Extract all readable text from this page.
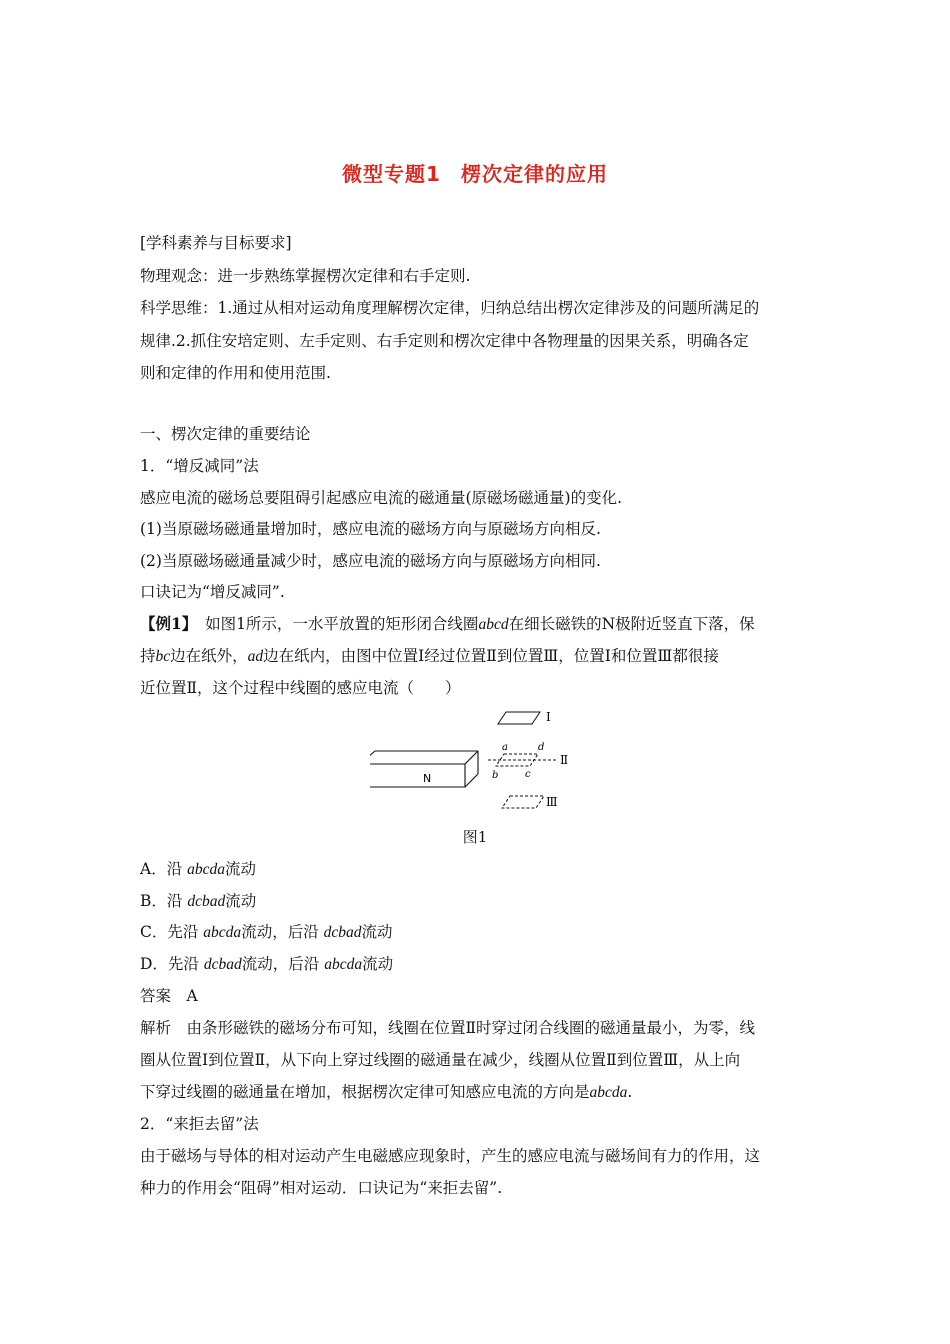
微型专题1 楞次定律的应用
[学科素养与目标要求]
物理观念：进一步熟练掌握楞次定律和右手定则.
科学思维：1.通过从相对运动角度理解楞次定律，归纳总结出楞次定律涉及的问题所满足的
规律.2.抓住安培定则、左手定则、右手定则和楞次定律中各物理量的因果关系，明确各定
则和定律的作用和使用范围.
一、楞次定律的重要结论
1．“增反减同”法
感应电流的磁场总要阻碍引起感应电流的磁通量(原磁场磁通量)的变化.
(1)当原磁场磁通量增加时，感应电流的磁场方向与原磁场方向相反.
(2)当原磁场磁通量减少时，感应电流的磁场方向与原磁场方向相同.
口诀记为“增反减同”.
【例1】　 如图1所示，一水平放置的矩形闭合线圈abcd在细长磁铁的N极附近竖直下落，保
持bc边在纸外，ad边在纸内，由图中位置Ⅰ经过位置Ⅱ到位置Ⅲ，位置Ⅰ和位置Ⅲ都很接
近位置Ⅱ，这个过程中线圈的感应电流（　　）
N
Ⅰ
Ⅱ
a	d
b	c
Ⅲ
图1
A．沿 abcda流动
B．沿 dcbad流动
C．先沿 abcda流动，后沿 dcbad流动
D．先沿 dcbad流动，后沿 abcda流动
答案　A
解析　由条形磁铁的磁场分布可知，线圈在位置Ⅱ时穿过闭合线圈的磁通量最小，为零，线
圈从位置Ⅰ到位置Ⅱ，从下向上穿过线圈的磁通量在减少，线圈从位置Ⅱ到位置Ⅲ，从上向
下穿过线圈的磁通量在增加，根据楞次定律可知感应电流的方向是abcda.
2．“来拒去留”法
由于磁场与导体的相对运动产生电磁感应现象时，产生的感应电流与磁场间有力的作用，这
种力的作用会“阻碍”相对运动．口诀记为“来拒去留”.
